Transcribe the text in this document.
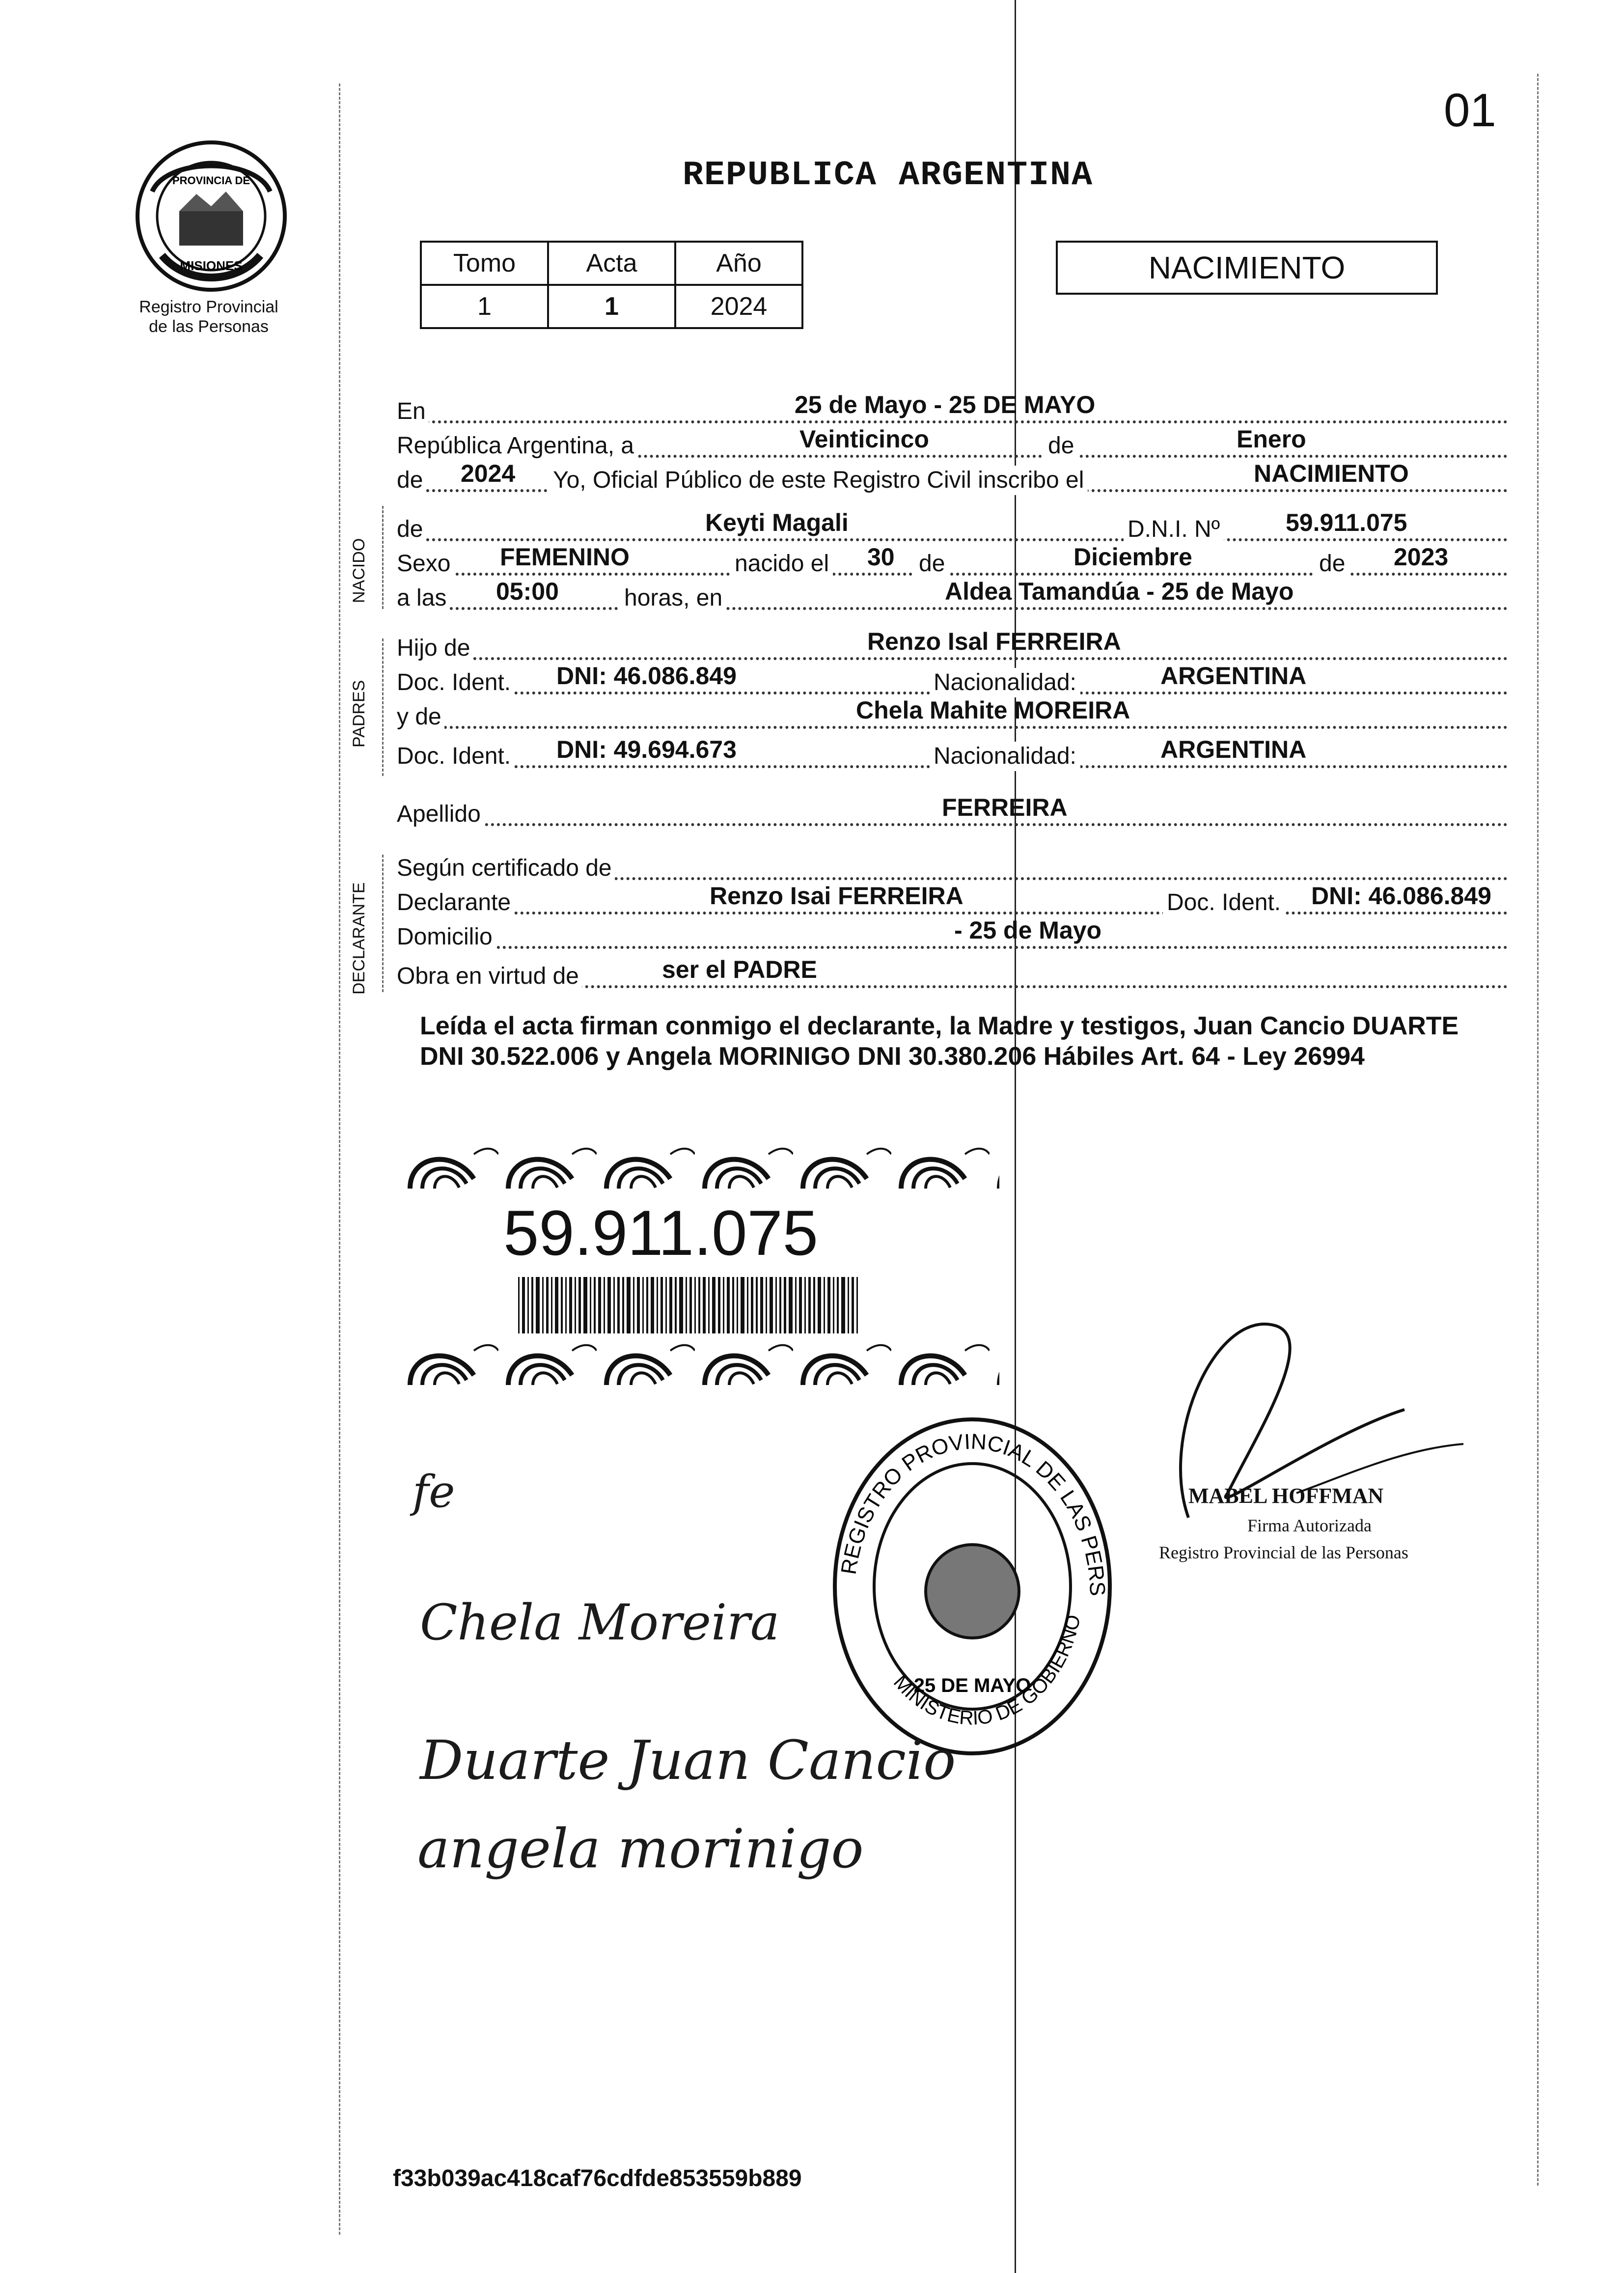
01
PROVINCIA DE
MISIONES
Registro Provincial
de las Personas
REPUBLICA ARGENTINA
Tomo	Acta	Año
1	1	2024
NACIMIENTO
NACIDO
PADRES
DECLARANTE
En	25 de Mayo - 25 DE MAYO
República Argentina, a	Veinticinco	de	Enero
de 2024 Yo, Oficial Público de este Registro Civil inscribo el	NACIMIENTO
de	Keyti Magali	D.N.I. Nº	59.911.075
Sexo FEMENINO	nacido el 30 de	Diciembre	de 2023
a las 05:00	horas, en	Aldea Tamandúa - 25 de Mayo
Hijo de	Renzo Isal FERREIRA
Doc. Ident. DNI: 46.086.849	Nacionalidad:	ARGENTINA
y de	Chela Mahite MOREIRA
Doc. Ident. DNI: 49.694.673	Nacionalidad:	ARGENTINA
Apellido	FERREIRA
Según certificado de
Declarante	Renzo Isai FERREIRA	Doc. Ident. DNI: 46.086.849
Domicilio	- 25 de Mayo
Obra en virtud de	ser el PADRE
Leída el acta firman conmigo el declarante, la Madre y testigos, Juan Cancio DUARTE DNI 30.522.006 y Angela MORINIGO DNI 30.380.206 Hábiles Art. 64 - Ley 26994
59.911.075
REGISTRO PROVINCIAL DE LAS PERS
MINISTERIO DE GOBIERNO
25 DE MAYO
MABEL HOFFMAN
Firma Autorizada
Registro Provincial de las Personas
fe
Chela Moreira
Duarte Juan Cancio
angela morinigo
f33b039ac418caf76cdfde853559b889
